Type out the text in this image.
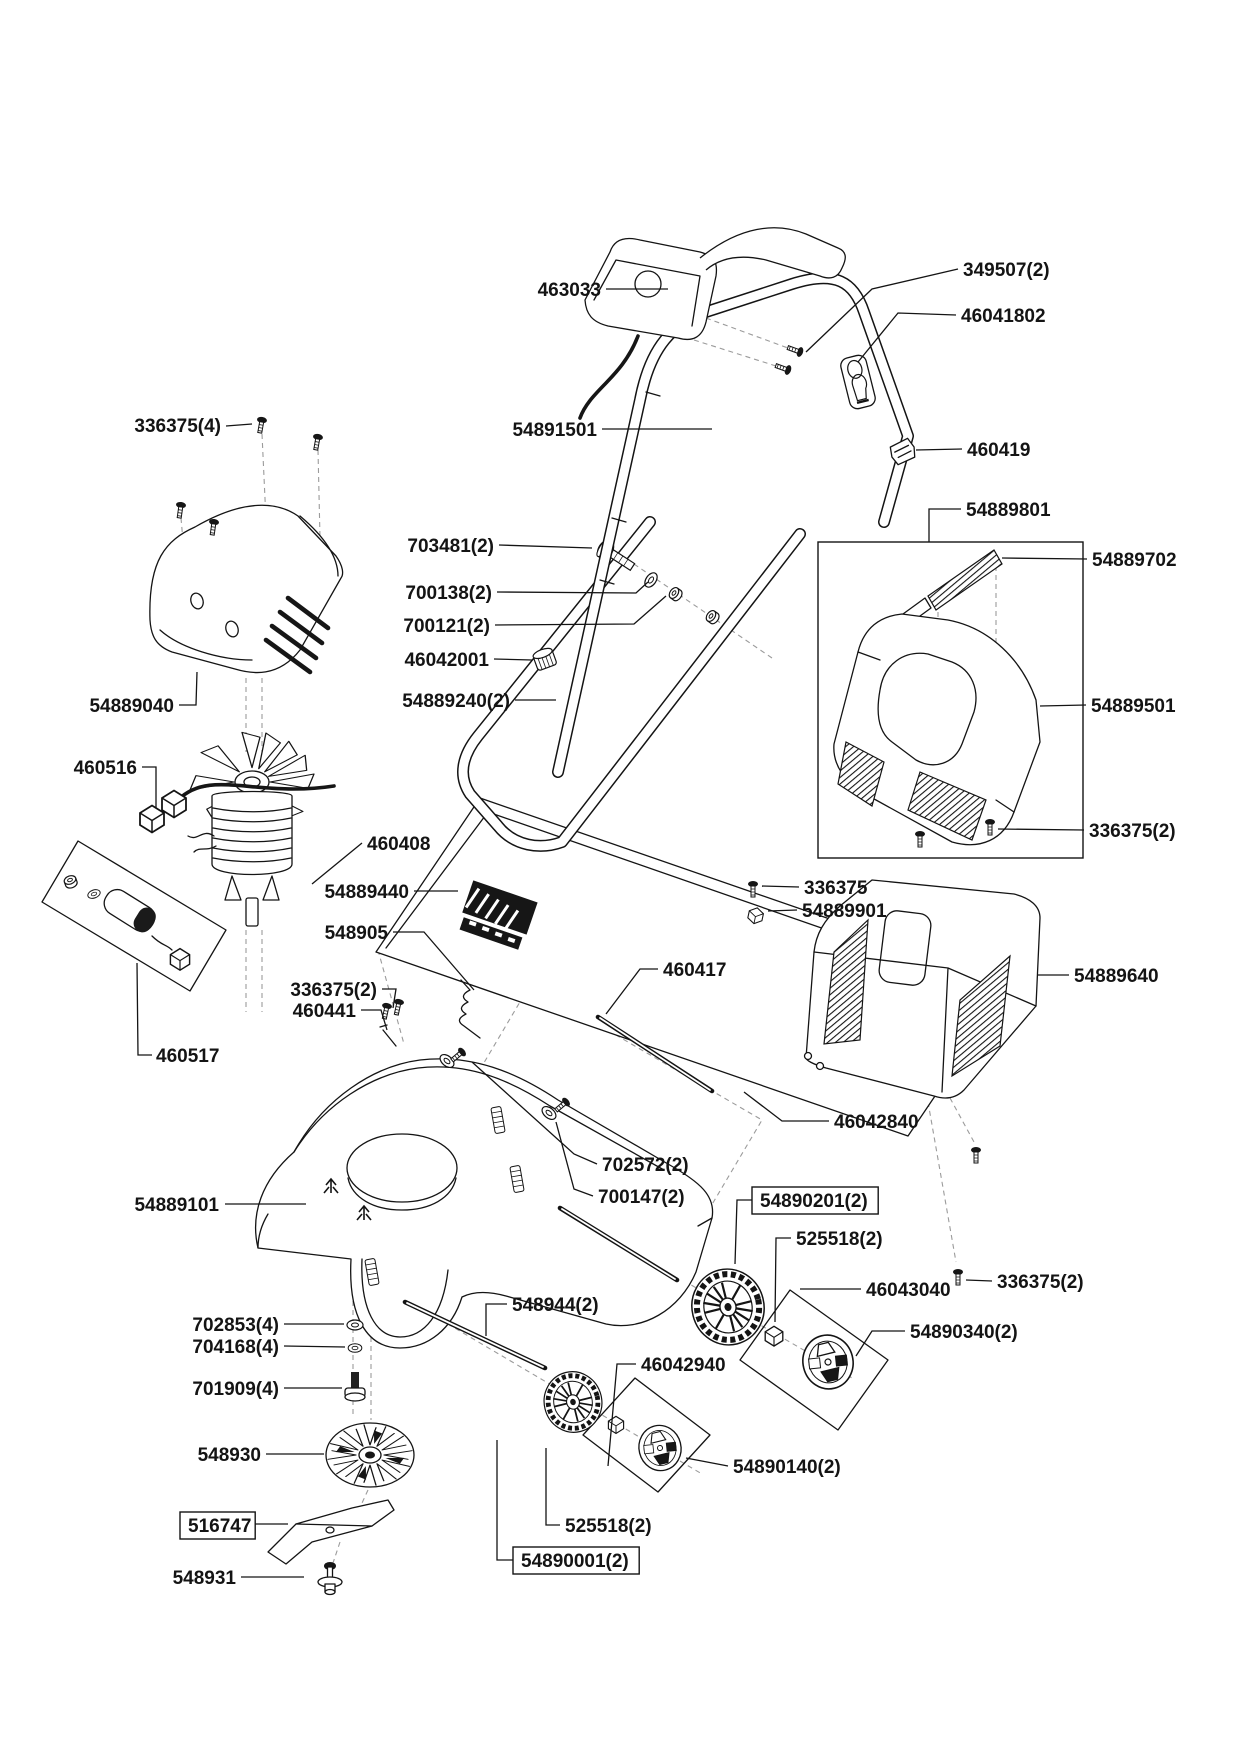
463033
349507(2)
46041802
460419
336375(4)	54891501
703481(2)
700138(2)
700121(2)
46042001
54889240(2)
54889040
460516
460408
54889440
548905
336375(2)
460441
460517
54889801
54889702
54889501
336375(2)
336375
54889901
54889640
460417
46042840
336375(2)
702572(2)
700147(2)
54889101	54890201(2)
525518(2)
46043040
54890340(2)
548944(2)
702853(4)
704168(4)
701909(4)
46042940
548930
54890140(2)
516747	525518(2)
54890001(2)
548931
